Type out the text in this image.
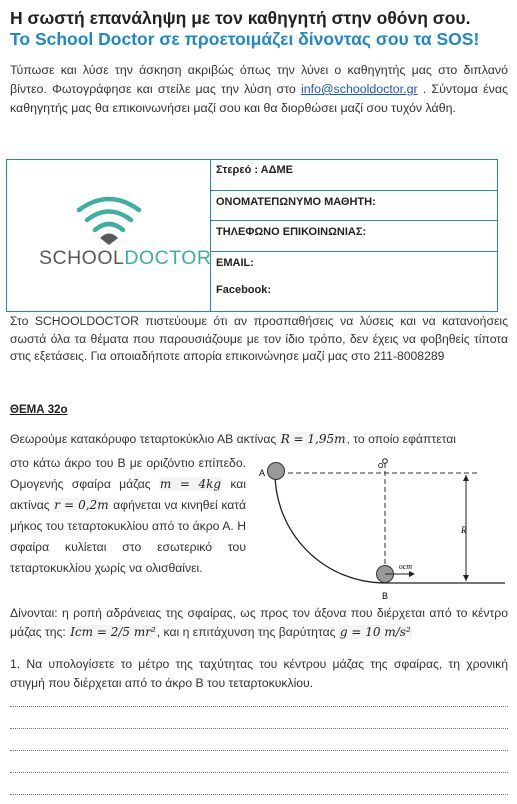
Η σωστή επανάληψη με τον καθηγητή στην οθόνη σου.
Το School Doctor σε προετοιμάζει δίνοντας σου τα SOS!
Τύπωσε και λύσε την άσκηση ακριβώς όπως την λύνει ο καθηγητής μας στο διπλανό βίντεο. Φωτογράφησε και στείλε μας την λύση στο info@schooldoctor.gr . Σύντομα ένας καθηγητής μας θα επικοινωνήσει μαζί σου και θα διορθώσει μαζί σου τυχόν λάθη.
SCHOOLDOCTOR
Στερεό : ΑΔΜΕ
ΟΝΟΜΑΤΕΠΩΝΥΜΟ ΜΑΘΗΤΗ:
ΤΗΛΕΦΩΝΟ ΕΠΙΚΟΙΝΩΝΙΑΣ:
EMAIL:
Facebook:
Στο SCHOOLDOCTOR πιστεύουμε ότι αν προσπαθήσεις να λύσεις και να κατανοήσεις σωστά όλα τα θέματα που παρουσιάζουμε με τον ίδιο τρόπο, δεν έχεις να φοβηθείς τίποτα στις εξετάσεις. Για οποιαδήποτε απορία επικοινώνησε μαζί μας στο 211-8008289
ΘΕΜΑ 32ο
Θεωρούμε κατακόρυφο τεταρτοκύκλιο ΑΒ ακτίνας R = 1,95m, το οποίο εφάπτεται
στο κάτω άκρο του Β με οριζόντιο επίπεδο. Ομογενής σφαίρα μάζας m = 4kg και ακτίνας r = 0,2m αφήνεται να κινηθεί κατά μήκος του τεταρτοκυκλίου από το άκρο Α. Η σφαίρα κυλίεται στο εσωτερικό του τεταρτοκυκλίου χωρίς να ολισθαίνει.
A
B
R
O
υcm
Δίνονται: η ροπή αδράνειας της σφαίρας, ως προς τον άξονα που διέρχεται από το κέντρο μάζας της: Icm = 2/5 mr², και η επιτάχυνση της βαρύτητας g = 10 m/s²
1. Να υπολογίσετε το μέτρο της ταχύτητας του κέντρου μάζας της σφαίρας, τη χρονική στιγμή που διέρχεται από το άκρο Β του τεταρτοκυκλίου.
